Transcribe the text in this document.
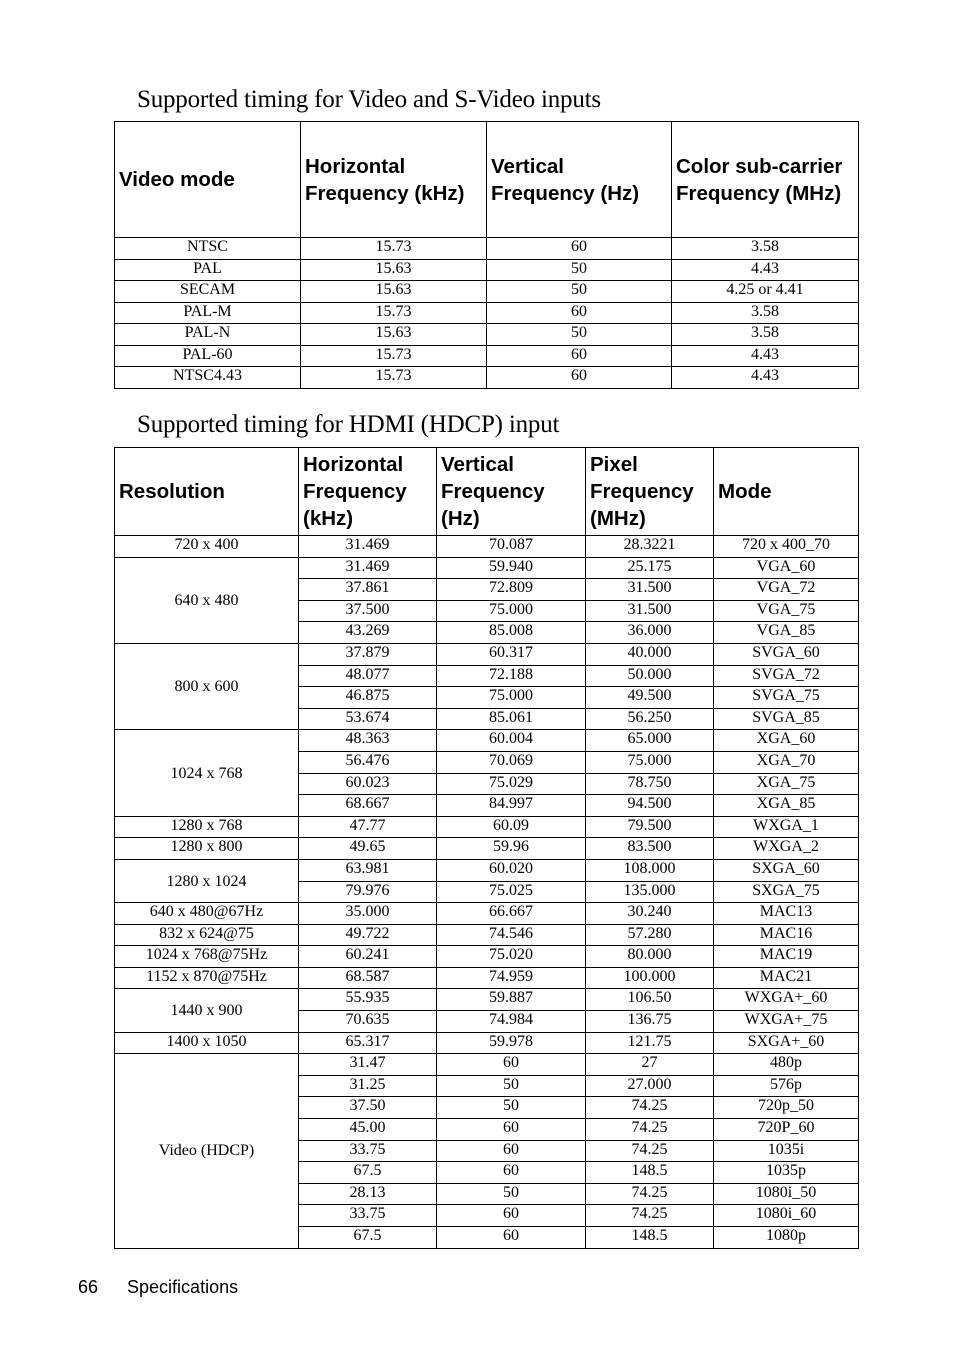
Supported timing for Video and S-Video inputs
Video mode	Horizontal Frequency (kHz)	Vertical Frequency (Hz)	Color sub-carrier Frequency (MHz)
NTSC	15.73	60	3.58
PAL	15.63	50	4.43
SECAM	15.63	50	4.25 or 4.41
PAL-M	15.73	60	3.58
PAL-N	15.63	50	3.58
PAL-60	15.73	60	4.43
NTSC4.43	15.73	60	4.43
Supported timing for HDMI (HDCP) input
Resolution	Horizontal Frequency (kHz)	Vertical Frequency (Hz)	Pixel Frequency (MHz)	Mode
720 x 400	31.469	70.087	28.3221	720 x 400_70
640 x 480	31.469	59.940	25.175	VGA_60
	37.861	72.809	31.500	VGA_72
	37.500	75.000	31.500	VGA_75
	43.269	85.008	36.000	VGA_85
800 x 600	37.879	60.317	40.000	SVGA_60
	48.077	72.188	50.000	SVGA_72
	46.875	75.000	49.500	SVGA_75
	53.674	85.061	56.250	SVGA_85
1024 x 768	48.363	60.004	65.000	XGA_60
	56.476	70.069	75.000	XGA_70
	60.023	75.029	78.750	XGA_75
	68.667	84.997	94.500	XGA_85
1280 x 768	47.77	60.09	79.500	WXGA_1
1280 x 800	49.65	59.96	83.500	WXGA_2
1280 x 1024	63.981	60.020	108.000	SXGA_60
	79.976	75.025	135.000	SXGA_75
640 x 480@67Hz	35.000	66.667	30.240	MAC13
832 x 624@75	49.722	74.546	57.280	MAC16
1024 x 768@75Hz	60.241	75.020	80.000	MAC19
1152 x 870@75Hz	68.587	74.959	100.000	MAC21
1440 x 900	55.935	59.887	106.50	WXGA+_60
	70.635	74.984	136.75	WXGA+_75
1400 x 1050	65.317	59.978	121.75	SXGA+_60
Video (HDCP)	31.47	60	27	480p
	31.25	50	27.000	576p
	37.50	50	74.25	720p_50
	45.00	60	74.25	720P_60
	33.75	60	74.25	1035i
	67.5	60	148.5	1035p
	28.13	50	74.25	1080i_50
	33.75	60	74.25	1080i_60
	67.5	60	148.5	1080p
66 Specifications
